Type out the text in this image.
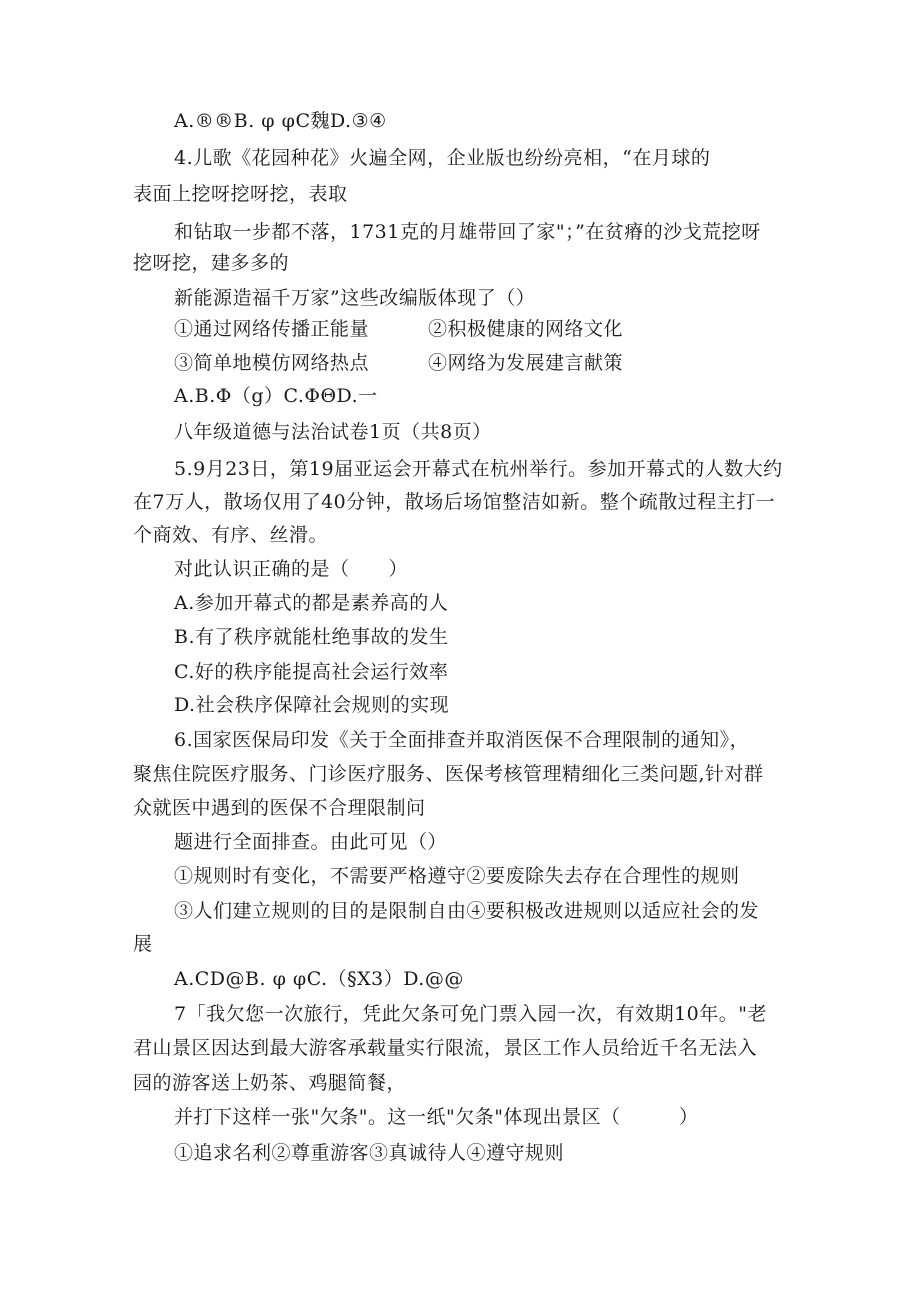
A.®®B. φ φC魏D.③④
4.儿歌《花园种花》火遍全网，企业版也纷纷亮相，“在月球的
表面上挖呀挖呀挖，表取
和钻取一步都不落，1731克的月雄带回了家"；”在贫瘠的沙戈荒挖呀
挖呀挖，建多多的
新能源造福千万家”这些改编版体现了（）
①通过网络传播正能量	②积极健康的网络文化
③简单地模仿网络热点	④网络为发展建言献策
A.B.Φ（g）C.ΦΘD.一
八年级道德与法治试卷1页（共8页）
5.9月23日，第19届亚运会开幕式在杭州举行。参加开幕式的人数大约
在7万人，散场仅用了40分钟，散场后场馆整洁如新。整个疏散过程主打一
个商效、有序、丝滑。
对此认识正确的是（　　）
A.参加开幕式的都是素养高的人
B.有了秩序就能杜绝事故的发生
C.好的秩序能提高社会运行效率
D.社会秩序保障社会规则的实现
6.国家医保局印发《关于全面排查并取消医保不合理限制的通知》，
聚焦住院医疗服务、门诊医疗服务、医保考核管理精细化三类问题,针对群
众就医中遇到的医保不合理限制问
题进行全面排查。由此可见（）
①规则时有变化，不需要严格遵守②要废除失去存在合理性的规则
③人们建立规则的目的是限制自由④要积极改进规则以适应社会的发
展
A.CD@B. φ φC.（§X3）D.@@
7「我欠您一次旅行，凭此欠条可免门票入园一次，有效期10年。"老
君山景区因达到最大游客承载量实行限流，景区工作人员给近千名无法入
园的游客送上奶茶、鸡腿简餐，
并打下这样一张"欠条"。这一纸"欠条"体现出景区（　　　）
①追求名利②尊重游客③真诚待人④遵守规则
